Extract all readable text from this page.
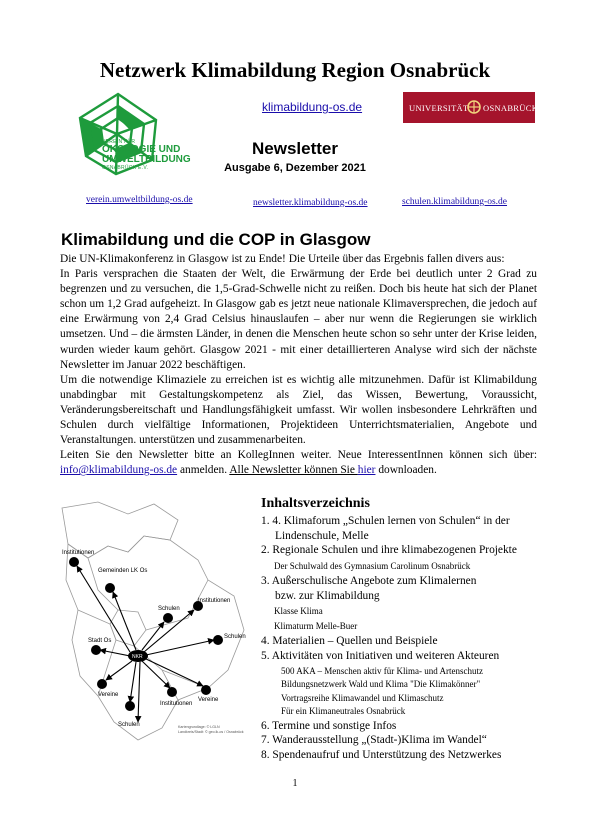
Netzwerk Klimabildung Region Osnabrück
VEREIN FÜR
ÖKOLOGIE UND
UMWELTBILDUNG
OSNABRÜCK E.V.
klimabildung-os.de	UNIVERSITÄT OSNABRÜCK
Newsletter
Ausgabe 6, Dezember 2021
verein.umweltbildung-os.de	newsletter.klimabildung-os.de	schulen.klimabildung-os.de
Klimabildung und die COP in Glasgow

Die UN-Klimakonferenz in Glasgow ist zu Ende! Die Urteile über das Ergebnis fallen divers aus:

In Paris versprachen die Staaten der Welt, die Erwärmung der Erde bei deutlich unter 2 Grad zu begrenzen und zu versuchen, die 1,5-Grad-Schwelle nicht zu reißen. Doch bis heute hat sich der Planet schon um 1,2 Grad aufgeheizt. In Glasgow gab es jetzt neue nationale Klimaversprechen, die jedoch auf eine Erwärmung von 2,4 Grad Celsius hinauslaufen – aber nur wenn die Regierungen sie wirklich umsetzen. Und – die ärmsten Länder, in denen die Menschen heute schon so sehr unter der Krise leiden, wurden wieder kaum gehört. Glasgow 2021 - mit einer detaillierteren Analyse wird sich der nächste Newsletter im Januar 2022 beschäftigen.

Um die notwendige Klimaziele zu erreichen ist es wichtig alle mitzunehmen. Dafür ist Klimabildung unabdingbar mit Gestaltungskompetenz als Ziel, das Wissen, Bewertung, Voraussicht, Veränderungsbereitschaft und Handlungsfähigkeit umfasst. Wir wollen insbesondere Lehrkräften und Schulen durch vielfältige Informationen, Projektideen Unterrichtsmaterialien, Angebote und Veranstaltungen. unterstützen und zusammenarbeiten.

Leiten Sie den Newsletter bitte an KollegInnen weiter. Neue InteressentInnen können sich über: info@klimabildung-os.de anmelden. Alle Newsletter können Sie hier downloaden.

Institutionen
Gemeinden LK Os
Schulen
Institutionen
Schulen
Stadt Os
NKR
Vereine
Vereine
Institutionen
Schulen	Kartengrundlage: © LGLN
Landkreis/Stadt: © geo.lk-os / Osnabrück
Inhaltsverzeichnis
1. 4. Klimaforum „Schulen lernen von Schulen“ in der
Lindenschule, Melle
2. Regionale Schulen und ihre klimabezogenen Projekte
Der Schulwald des Gymnasium Carolinum Osnabrück
3. Außerschulische Angebote zum Klimalernen
bzw. zur Klimabildung
Klasse Klima
Klimaturm Melle-Buer
4. Materialien – Quellen und Beispiele
5. Aktivitäten von Initiativen und weiteren Akteuren
500 AKA – Menschen aktiv für Klima- und Artenschutz
Bildungsnetzwerk Wald und Klima "Die Klimakönner"
Vortragsreihe Klimawandel und Klimaschutz
Für ein Klimaneutrales Osnabrück
6. Termine und sonstige Infos
7. Wanderausstellung „(Stadt-)Klima im Wandel“
8. Spendenaufruf und Unterstützung des Netzwerkes
1
